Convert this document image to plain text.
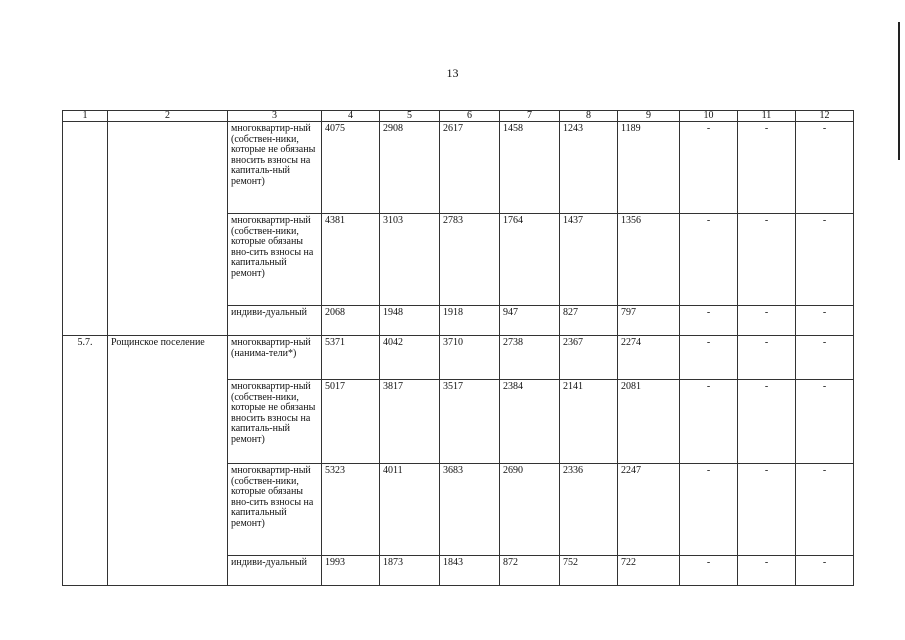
13
1	2	3	4	5	6	7	8	9	10	11	12
		многоквартир-ный (собствен-ники, которые не обязаны вносить взносы на капиталь-ный ремонт)	4075	2908	2617	1458	1243	1189	-	-	-
		многоквартир-ный (собствен-ники, которые обязаны вно-сить взносы на капитальный ремонт)	4381	3103	2783	1764	1437	1356	-	-	-
		индиви-дуальный	2068	1948	1918	947	827	797	-	-	-
5.7.	Рощинское поселение	многоквартир-ный (нанима-тели*)	5371	4042	3710	2738	2367	2274	-	-	-
		многоквартир-ный (собствен-ники, которые не обязаны вносить взносы на капиталь-ный ремонт)	5017	3817	3517	2384	2141	2081	-	-	-
		многоквартир-ный (собствен-ники, которые обязаны вно-сить взносы на капитальный ремонт)	5323	4011	3683	2690	2336	2247	-	-	-
		индиви-дуальный	1993	1873	1843	872	752	722	-	-	-
